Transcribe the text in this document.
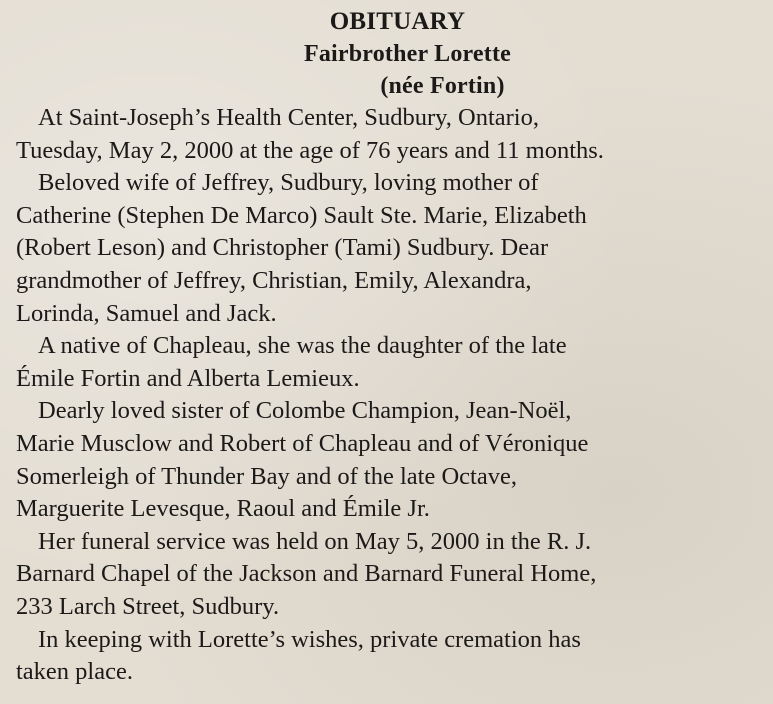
OBITUARY
Fairbrother Lorette
(née Fortin)

At Saint-Joseph’s Health Center, Sudbury, Ontario,
Tuesday, May 2, 2000 at the age of 76 years and 11 months.

Beloved wife of Jeffrey, Sudbury, loving mother of
Catherine (Stephen De Marco) Sault Ste. Marie, Elizabeth
(Robert Leson) and Christopher (Tami) Sudbury. Dear
grandmother of Jeffrey, Christian, Emily, Alexandra,
Lorinda, Samuel and Jack.

A native of Chapleau, she was the daughter of the late
Émile Fortin and Alberta Lemieux.

Dearly loved sister of Colombe Champion, Jean-Noël,
Marie Musclow and Robert of Chapleau and of Véronique
Somerleigh of Thunder Bay and of the late Octave,
Marguerite Levesque, Raoul and Émile Jr.

Her funeral service was held on May 5, 2000 in the R. J.
Barnard Chapel of the Jackson and Barnard Funeral Home,
233 Larch Street, Sudbury.

In keeping with Lorette’s wishes, private cremation has
taken place.
